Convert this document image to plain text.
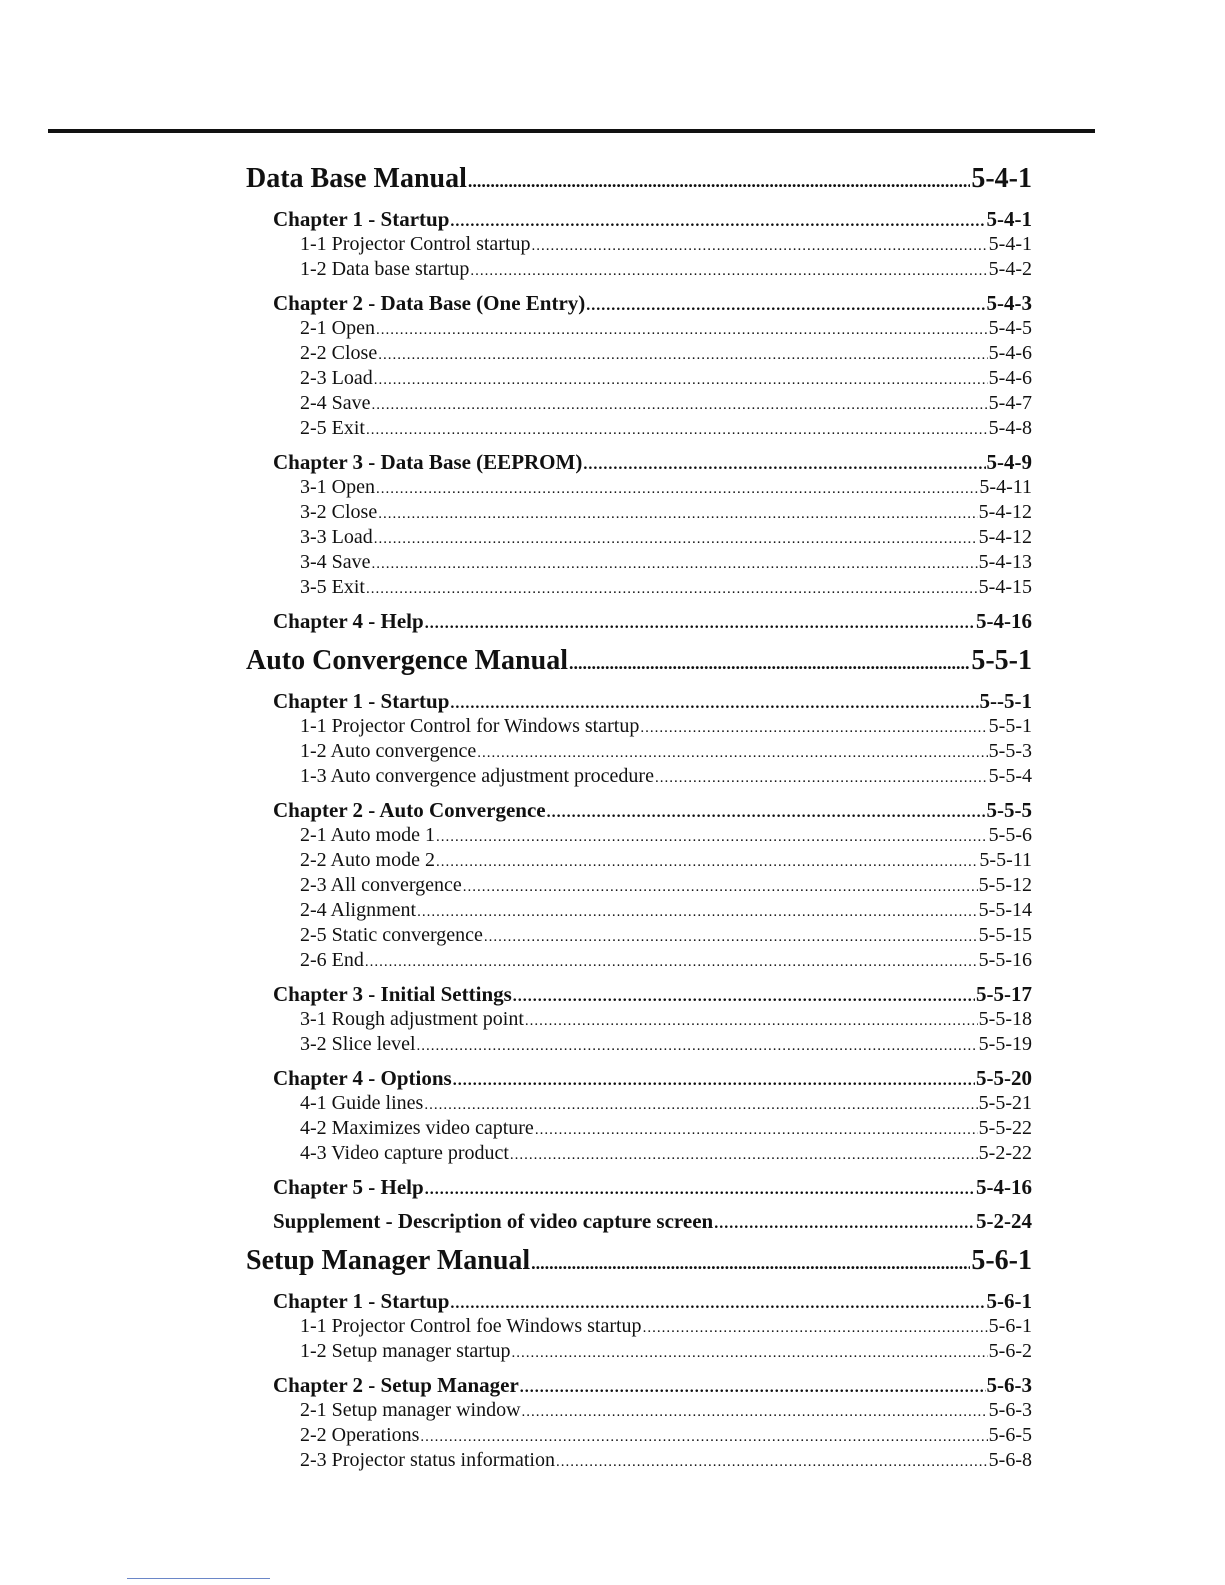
Data Base Manual .....	5-4-1
Chapter 1 - Startup .....	5-4-1
1-1 Projector Control startup .....	5-4-1
1-2 Data base startup .....	5-4-2
Chapter 2 - Data Base (One Entry) .....	5-4-3
2-1 Open .....	5-4-5
2-2 Close .....	5-4-6
2-3 Load .....	5-4-6
2-4 Save .....	5-4-7
2-5 Exit .....	5-4-8
Chapter 3 - Data Base (EEPROM) .....	5-4-9
3-1 Open .....	5-4-11
3-2 Close .....	5-4-12
3-3 Load .....	5-4-12
3-4 Save .....	5-4-13
3-5 Exit .....	5-4-15
Chapter 4 - Help .....	5-4-16
Auto Convergence Manual .....	5-5-1
Chapter 1 - Startup .....	5--5-1
1-1 Projector Control for Windows startup .....	5-5-1
1-2 Auto convergence .....	5-5-3
1-3 Auto convergence adjustment procedure .....	5-5-4
Chapter 2 - Auto Convergence .....	5-5-5
2-1 Auto mode 1 .....	5-5-6
2-2 Auto mode 2 .....	5-5-11
2-3 All convergence .....	5-5-12
2-4 Alignment .....	5-5-14
2-5 Static convergence .....	5-5-15
2-6 End .....	5-5-16
Chapter 3 - Initial Settings .....	5-5-17
3-1 Rough adjustment point .....	5-5-18
3-2 Slice level .....	5-5-19
Chapter 4 - Options .....	5-5-20
4-1 Guide lines .....	5-5-21
4-2 Maximizes video capture .....	5-5-22
4-3 Video capture product .....	5-2-22
Chapter 5 - Help .....	5-4-16
Supplement - Description of video capture screen .....	5-2-24
Setup Manager Manual .....	5-6-1
Chapter 1 - Startup .....	5-6-1
1-1 Projector Control foe Windows startup .....	5-6-1
1-2 Setup manager startup .....	5-6-2
Chapter 2 - Setup Manager .....	5-6-3
2-1 Setup manager window .....	5-6-3
2-2 Operations .....	5-6-5
2-3 Projector status information .....	5-6-8
